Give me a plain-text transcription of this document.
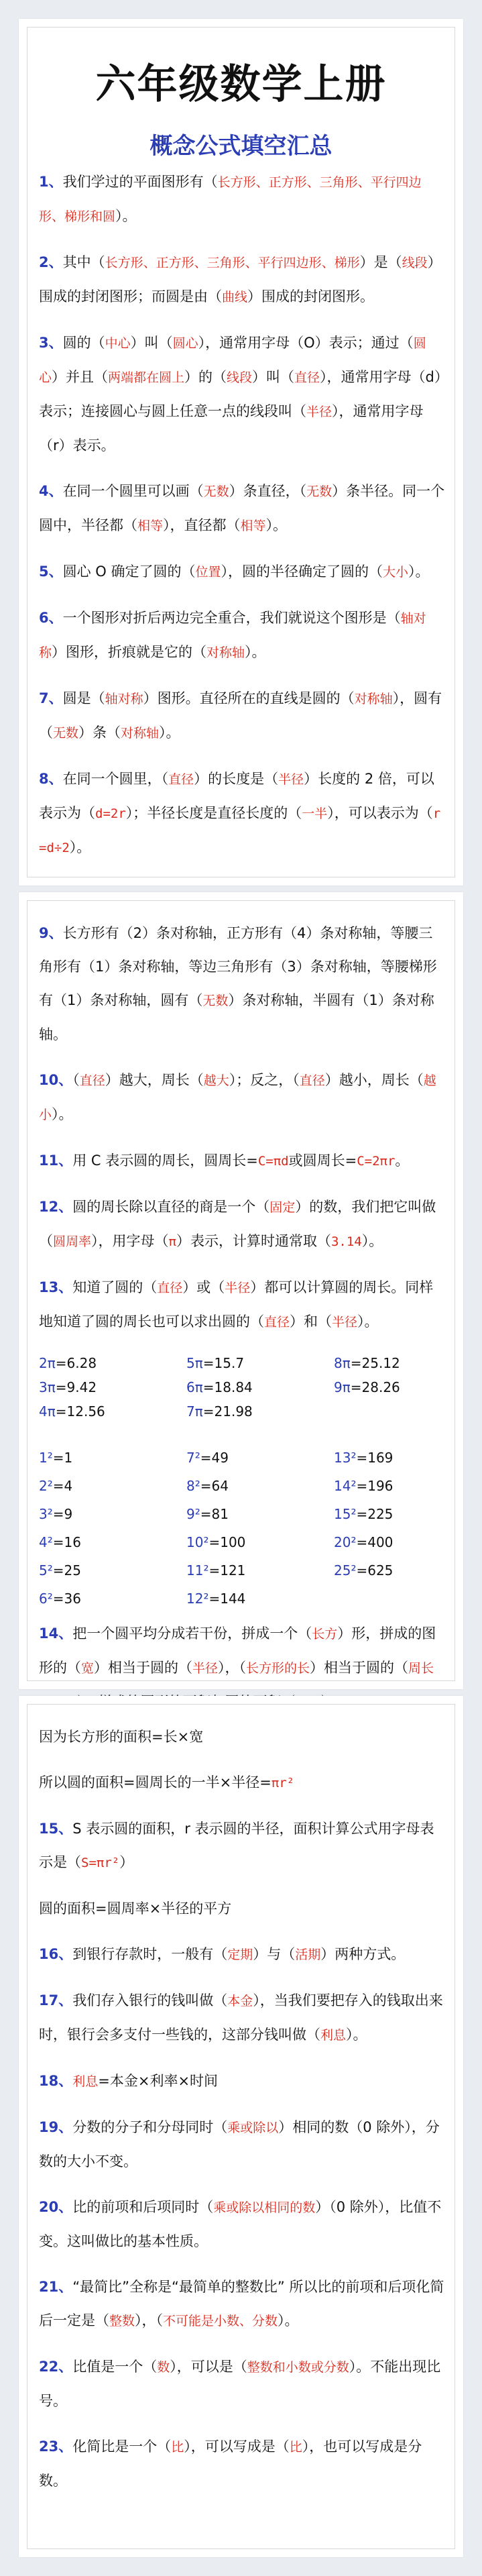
六年级数学上册
概念公式填空汇总
1、我们学过的平面图形有（长方形、正方形、三角形、平行四边形、梯形和圆）。
2、其中（长方形、正方形、三角形、平行四边形、梯形）是（线段）围成的封闭图形；而圆是由（曲线）围成的封闭图形。
3、圆的（中心）叫（圆心），通常用字母（O）表示；通过（圆心）并且（两端都在圆上）的（线段）叫（直径），通常用字母（d）表示；连接圆心与圆上任意一点的线段叫（半径），通常用字母（r）表示。
4、在同一个圆里可以画（无数）条直径，（无数）条半径。同一个圆中，半径都（相等），直径都（相等）。
5、圆心 O 确定了圆的（位置），圆的半径确定了圆的（大小）。
6、一个图形对折后两边完全重合，我们就说这个图形是（轴对称）图形，折痕就是它的（对称轴）。
7、圆是（轴对称）图形。直径所在的直线是圆的（对称轴），圆有（无数）条（对称轴）。
8、在同一个圆里，（直径）的长度是（半径）长度的 2 倍，可以表示为（d=2r）；半径长度是直径长度的（一半），可以表示为（r=d÷2）。
9、长方形有（2）条对称轴，正方形有（4）条对称轴，等腰三角形有（1）条对称轴，等边三角形有（3）条对称轴，等腰梯形有（1）条对称轴，圆有（无数）条对称轴，半圆有（1）条对称轴。
10、（直径）越大，周长（越大）；反之，（直径）越小，周长（越小）。
11、用 C 表示圆的周长，圆周长=C=πd或圆周长=C=2πr。
12、圆的周长除以直径的商是一个（固定）的数，我们把它叫做（圆周率），用字母（π）表示，计算时通常取（3.14）。
13、知道了圆的（直径）或（半径）都可以计算圆的周长。同样地知道了圆的周长也可以求出圆的（直径）和（半径）。
2π=6.28	5π=15.7	8π=25.12
3π=9.42	6π=18.84	9π=28.26
4π=12.56	7π=21.98
1²=1	7²=49	13²=169
2²=4	8²=64	14²=196
3²=9	9²=81	15²=225
4²=16	10²=100	20²=400
5²=25	11²=121	25²=625
6²=36	12²=144
14、把一个圆平均分成若干份，拼成一个（长方）形，拼成的图形的（宽）相当于圆的（半径），（长方形的长）相当于圆的（周长
因为长方形的面积=长×宽
所以圆的面积=圆周长的一半×半径=πr²
15、S 表示圆的面积，r 表示圆的半径，面积计算公式用字母表示是（S=πr²）
圆的面积=圆周率×半径的平方
16、到银行存款时，一般有（定期）与（活期）两种方式。
17、我们存入银行的钱叫做（本金），当我们要把存入的钱取出来时，银行会多支付一些钱的，这部分钱叫做（利息）。
18、利息=本金×利率×时间
19、分数的分子和分母同时（乘或除以）相同的数（0 除外），分数的大小不变。
20、比的前项和后项同时（乘或除以相同的数）（0 除外），比值不变。这叫做比的基本性质。
21、“最简比”全称是“最简单的整数比” 所以比的前项和后项化简后一定是（整数），（不可能是小数、分数）。
22、比值是一个（数），可以是（整数和小数或分数）。不能出现比号。
23、化简比是一个（比），可以写成是（比），也可以写成是分数。
